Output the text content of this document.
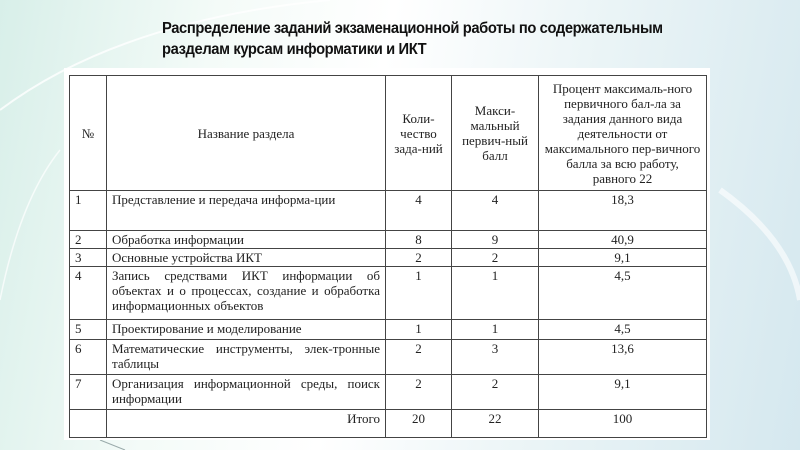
Распределение заданий экзаменационной работы по содержательным разделам курсам информатики и ИКТ
№	Название раздела	Коли-чество зада-ний	Макси-мальный первич-ный балл	Процент максималь-ного первичного бал-ла за задания данного вида деятельности от максимального пер-вичного балла за всю работу, равного 22
1	Представление и передача информа-ции	4	4	18,3
2	Обработка информации	8	9	40,9
3	Основные устройства ИКТ	2	2	9,1
4	Запись средствами ИКТ информации об объектах и о процессах, создание и обработка информационных объектов	1	1	4,5
5	Проектирование и моделирование	1	1	4,5
6	Математические инструменты, элек-тронные таблицы	2	3	13,6
7	Организация информационной среды, поиск информации	2	2	9,1
	Итого	20	22	100
